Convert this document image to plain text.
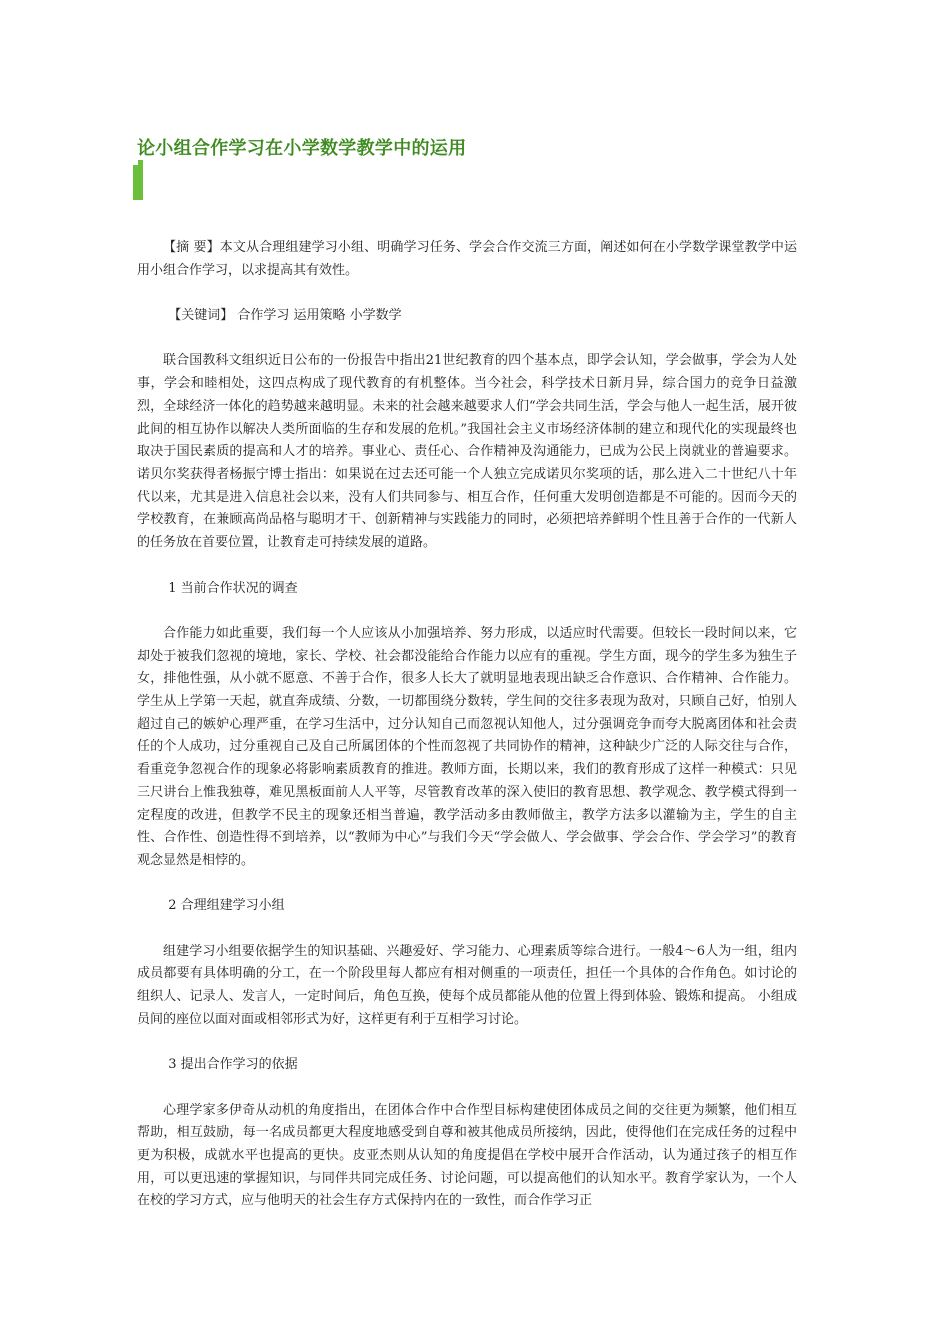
论小组合作学习在小学数学教学中的运用

【摘 要】本文从合理组建学习小组、明确学习任务、学会合作交流三方面，阐述如何在小学数学课堂教学中运用小组合作学习，以求提高其有效性。

【关键词】 合作学习 运用策略 小学数学

联合国教科文组织近日公布的一份报告中指出21世纪教育的四个基本点，即学会认知，学会做事，学会为人处事，学会和睦相处，这四点构成了现代教育的有机整体。当今社会，科学技术日新月异，综合国力的竞争日益激烈，全球经济一体化的趋势越来越明显。未来的社会越来越要求人们“学会共同生活，学会与他人一起生活，展开彼此间的相互协作以解决人类所面临的生存和发展的危机。”我国社会主义市场经济体制的建立和现代化的实现最终也取决于国民素质的提高和人才的培养。事业心、责任心、合作精神及沟通能力，已成为公民上岗就业的普遍要求。诺贝尔奖获得者杨振宁博士指出：如果说在过去还可能一个人独立完成诺贝尔奖项的话，那么进入二十世纪八十年代以来，尤其是进入信息社会以来，没有人们共同参与、相互合作，任何重大发明创造都是不可能的。因而今天的学校教育，在兼顾高尚品格与聪明才干、创新精神与实践能力的同时，必须把培养鲜明个性且善于合作的一代新人的任务放在首要位置，让教育走可持续发展的道路。

1 当前合作状况的调查

合作能力如此重要，我们每一个人应该从小加强培养、努力形成，以适应时代需要。但较长一段时间以来，它却处于被我们忽视的境地，家长、学校、社会都没能给合作能力以应有的重视。学生方面，现今的学生多为独生子女，排他性强，从小就不愿意、不善于合作，很多人长大了就明显地表现出缺乏合作意识、合作精神、合作能力。学生从上学第一天起，就直奔成绩、分数，一切都围绕分数转，学生间的交往多表现为敌对，只顾自己好，怕别人超过自己的嫉妒心理严重，在学习生活中，过分认知自己而忽视认知他人，过分强调竞争而夸大脱离团体和社会责任的个人成功，过分重视自己及自己所属团体的个性而忽视了共同协作的精神，这种缺少广泛的人际交往与合作，看重竞争忽视合作的现象必将影响素质教育的推进。教师方面，长期以来，我们的教育形成了这样一种模式：只见三尺讲台上惟我独尊，难见黑板面前人人平等，尽管教育改革的深入使旧的教育思想、教学观念、教学模式得到一定程度的改进，但教学不民主的现象还相当普遍，教学活动多由教师做主，教学方法多以灌输为主，学生的自主性、合作性、创造性得不到培养，以“教师为中心”与我们今天“学会做人、学会做事、学会合作、学会学习”的教育观念显然是相悖的。

2 合理组建学习小组

组建学习小组要依据学生的知识基础、兴趣爱好、学习能力、心理素质等综合进行。一般4～6人为一组，组内成员都要有具体明确的分工，在一个阶段里每人都应有相对侧重的一项责任，担任一个具体的合作角色。如讨论的组织人、记录人、发言人，一定时间后，角色互换，使每个成员都能从他的位置上得到体验、锻炼和提高。 小组成员间的座位以面对面或相邻形式为好，这样更有利于互相学习讨论。

3 提出合作学习的依据

心理学家多伊奇从动机的角度指出，在团体合作中合作型目标构建使团体成员之间的交往更为频繁，他们相互帮助，相互鼓励，每一名成员都更大程度地感受到自尊和被其他成员所接纳，因此，使得他们在完成任务的过程中更为积极，成就水平也提高的更快。皮亚杰则从认知的角度提倡在学校中展开合作活动，认为通过孩子的相互作用，可以更迅速的掌握知识，与同伴共同完成任务、讨论问题，可以提高他们的认知水平。教育学家认为，一个人在校的学习方式，应与他明天的社会生存方式保持内在的一致性，而合作学习正
